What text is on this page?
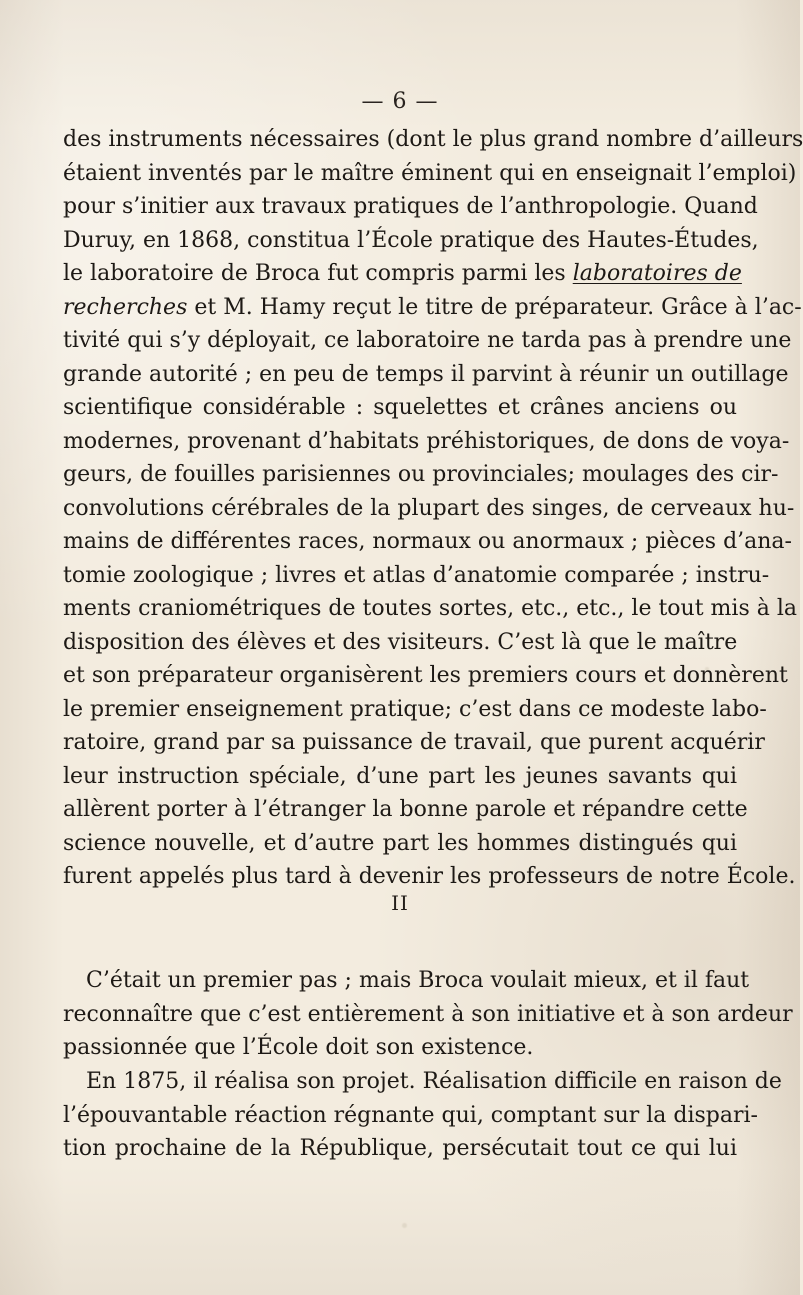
— 6 —
des instruments nécessaires (dont le plus grand nombre d’ailleurs
étaient inventés par le maître éminent qui en enseignait l’emploi)
pour s’initier aux travaux pratiques de l’anthropologie. Quand
Duruy, en 1868, constitua l’École pratique des Hautes-Études,
le laboratoire de Broca fut compris parmi les laboratoires de
recherches et M. Hamy reçut le titre de préparateur. Grâce à l’ac-
tivité qui s’y déployait, ce laboratoire ne tarda pas à prendre une
grande autorité ; en peu de temps il parvint à réunir un outillage
scientifique considérable : squelettes et crânes anciens ou
modernes, provenant d’habitats préhistoriques, de dons de voya-
geurs, de fouilles parisiennes ou provinciales; moulages des cir-
convolutions cérébrales de la plupart des singes, de cerveaux hu-
mains de différentes races, normaux ou anormaux ; pièces d’ana-
tomie zoologique ; livres et atlas d’anatomie comparée ; instru-
ments craniométriques de toutes sortes, etc., etc., le tout mis à la
disposition des élèves et des visiteurs. C’est là que le maître
et son préparateur organisèrent les premiers cours et donnèrent
le premier enseignement pratique; c’est dans ce modeste labo-
ratoire, grand par sa puissance de travail, que purent acquérir
leur instruction spéciale, d’une part les jeunes savants qui
allèrent porter à l’étranger la bonne parole et répandre cette
science nouvelle, et d’autre part les hommes distingués qui
furent appelés plus tard à devenir les professeurs de notre École.
II
C’était un premier pas ; mais Broca voulait mieux, et il faut
reconnaître que c’est entièrement à son initiative et à son ardeur
passionnée que l’École doit son existence.
En 1875, il réalisa son projet. Réalisation difficile en raison de
l’épouvantable réaction régnante qui, comptant sur la dispari-
tion prochaine de la République, persécutait tout ce qui lui
